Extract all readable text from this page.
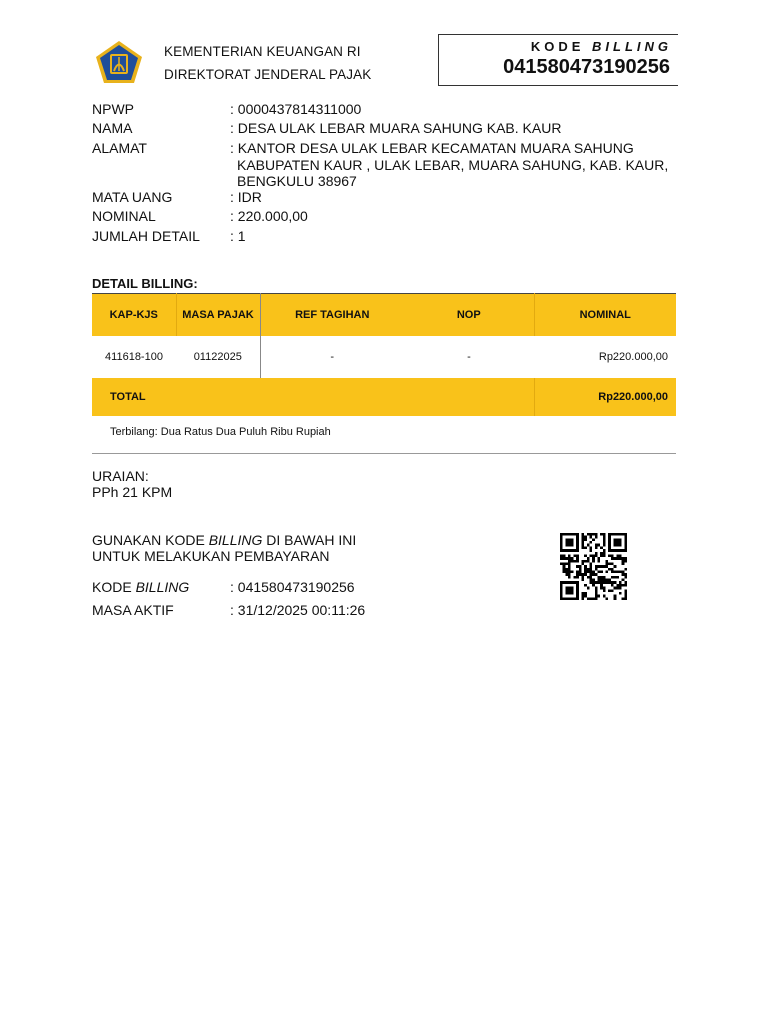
KEMENTERIAN KEUANGAN RI
DIREKTORAT JENDERAL PAJAK
KODE BILLING
041580473190256
NPWP	: 0000437814311000
NAMA	: DESA ULAK LEBAR MUARA SAHUNG KAB. KAUR
ALAMAT	: KANTOR DESA ULAK LEBAR KECAMATAN MUARA SAHUNG
KABUPATEN KAUR , ULAK LEBAR, MUARA SAHUNG, KAB. KAUR,
BENGKULU 38967
MATA UANG	: IDR
NOMINAL	: 220.000,00
JUMLAH DETAIL : 1
DETAIL BILLING:
KAP-KJS	MASA PAJAK	REF TAGIHAN	NOP	NOMINAL
411618-100	01122025	-	-	Rp220.000,00
TOTAL				Rp220.000,00
Terbilang: Dua Ratus Dua Puluh Ribu Rupiah
URAIAN:
PPh 21 KPM
GUNAKAN KODE BILLING DI BAWAH INI
UNTUK MELAKUKAN PEMBAYARAN
KODE BILLING	: 041580473190256
MASA AKTIF	: 31/12/2025 00:11:26
